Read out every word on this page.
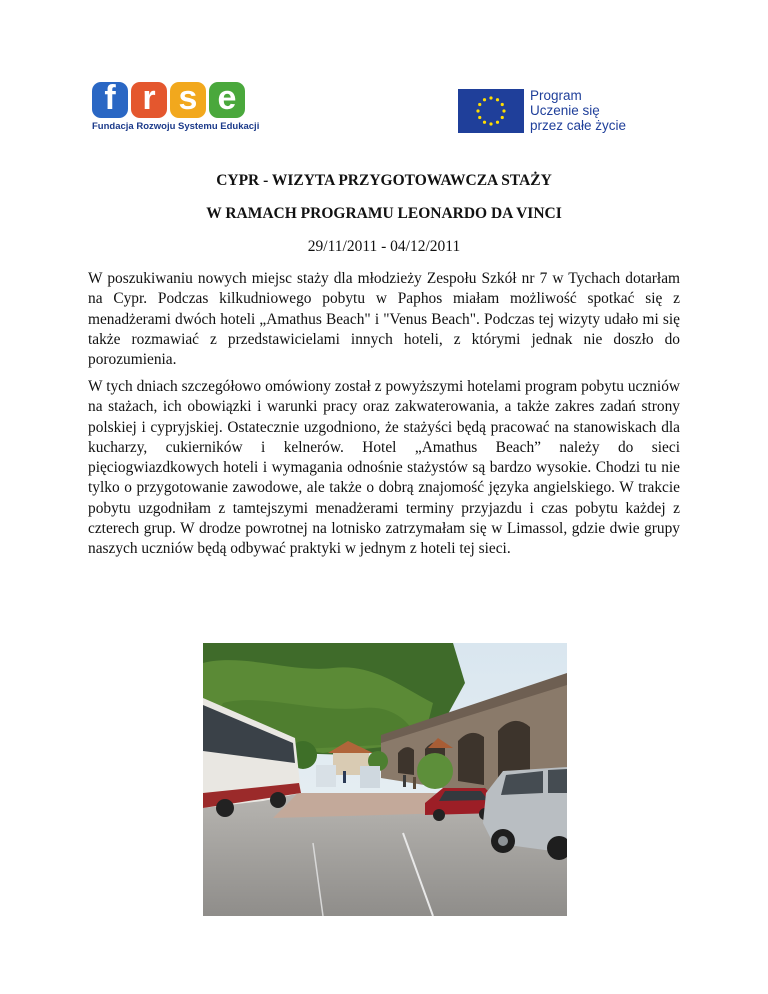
f r s e
Fundacja Rozwoju Systemu Edukacji
Program
Uczenie się
przez całe życie
CYPR - WIZYTA PRZYGOTOWAWCZA STAŻY
W RAMACH PROGRAMU LEONARDO DA VINCI
29/11/2011 - 04/12/2011

W poszukiwaniu nowych miejsc staży dla młodzieży Zespołu Szkół nr 7 w Tychach dotarłam na Cypr. Podczas kilkudniowego pobytu w Paphos miałam możliwość spotkać się z menadżerami dwóch hoteli „Amathus Beach" i "Venus Beach". Podczas tej wizyty udało mi się także rozmawiać z przedstawicielami innych hoteli, z którymi jednak nie doszło do porozumienia.

W tych dniach szczegółowo omówiony został z powyższymi hotelami program pobytu uczniów na stażach, ich obowiązki i warunki pracy oraz zakwaterowania, a także zakres zadań strony polskiej i cypryjskiej. Ostatecznie uzgodniono, że stażyści będą pracować na stanowiskach dla kucharzy, cukierników i kelnerów. Hotel „Amathus Beach” należy do sieci pięciogwiazdkowych hoteli i wymagania odnośnie stażystów są bardzo wysokie. Chodzi tu nie tylko o przygotowanie zawodowe, ale także o dobrą znajomość języka angielskiego. W trakcie pobytu uzgodniłam z tamtejszymi menadżerami terminy przyjazdu i czas pobytu każdej z czterech grup. W drodze powrotnej na lotnisko zatrzymałam się w Limassol, gdzie dwie grupy naszych uczniów będą odbywać praktyki w jednym z hoteli tej sieci.
